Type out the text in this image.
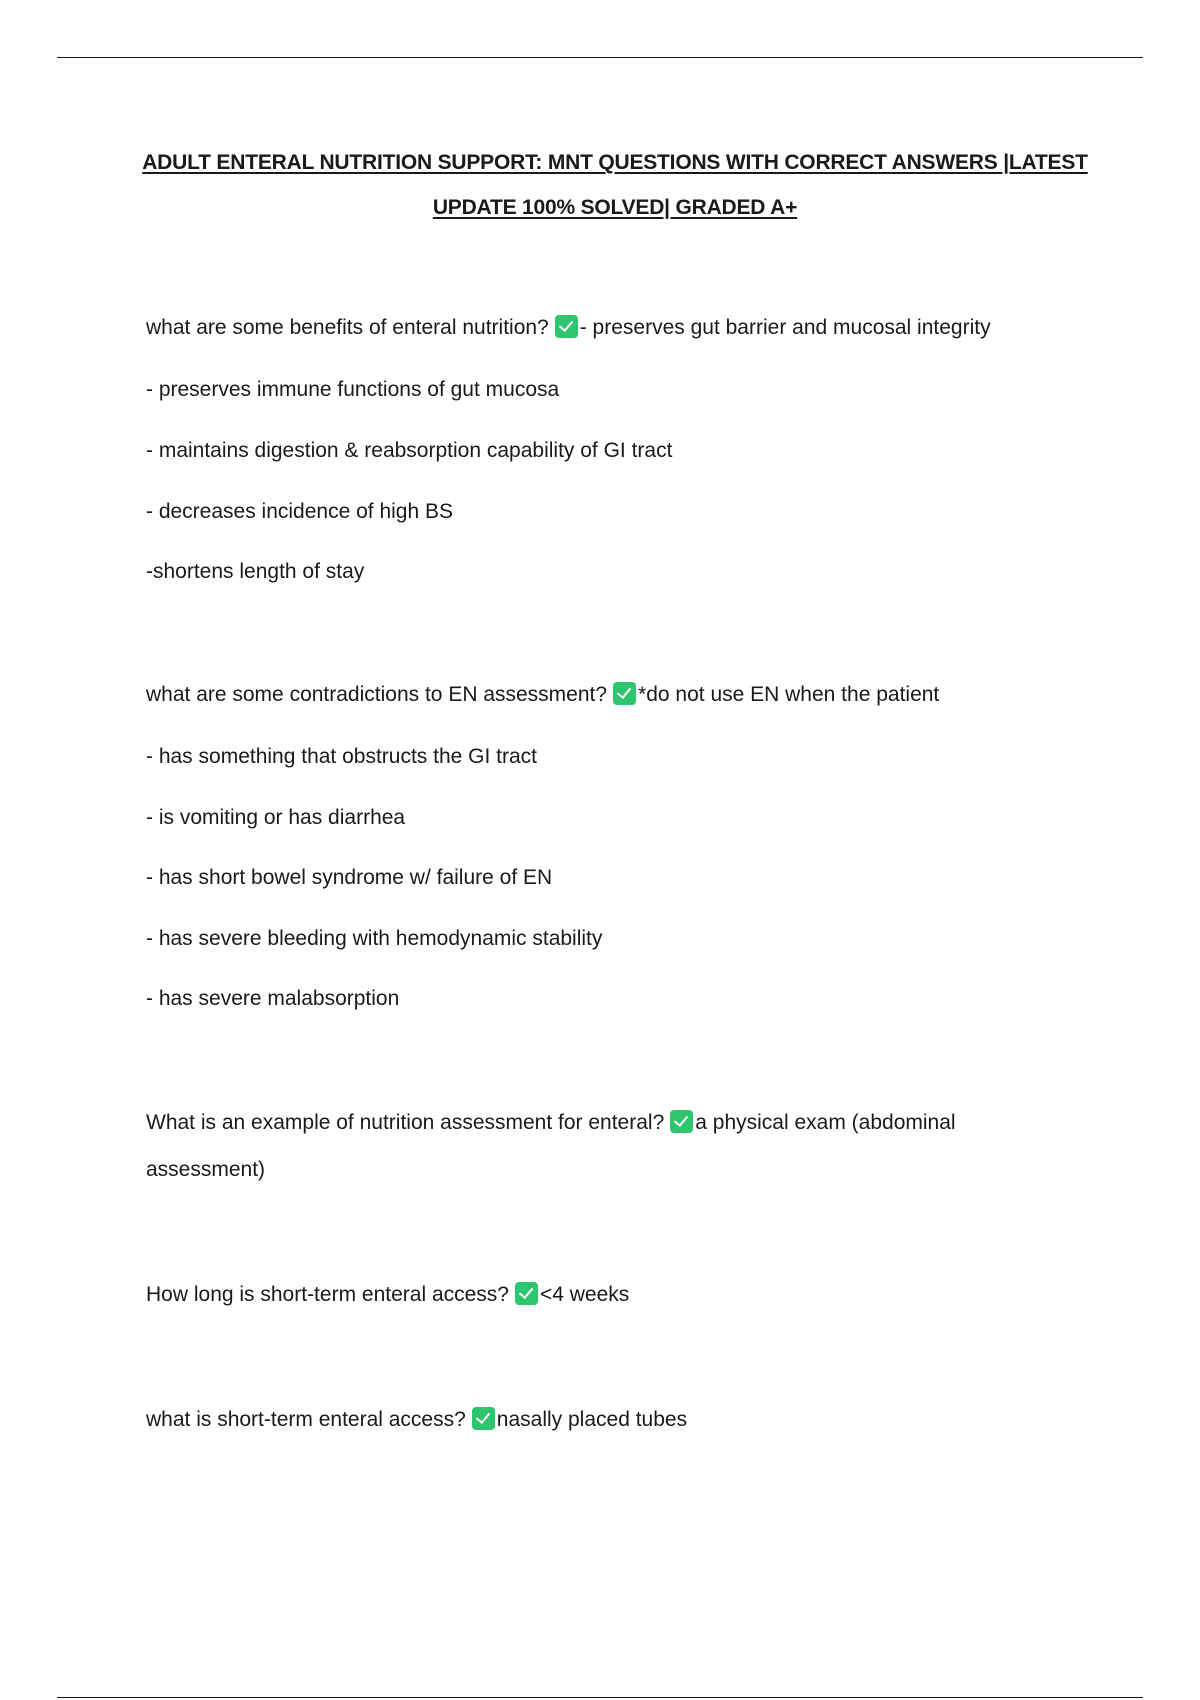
ADULT ENTERAL NUTRITION SUPPORT: MNT QUESTIONS WITH CORRECT ANSWERS |LATEST UPDATE 100% SOLVED| GRADED A+
what are some benefits of enteral nutrition? - preserves gut barrier and mucosal integrity
- preserves immune functions of gut mucosa
- maintains digestion & reabsorption capability of GI tract
- decreases incidence of high BS
-shortens length of stay
what are some contradictions to EN assessment? *do not use EN when the patient
- has something that obstructs the GI tract
- is vomiting or has diarrhea
- has short bowel syndrome w/ failure of EN
- has severe bleeding with hemodynamic stability
- has severe malabsorption
What is an example of nutrition assessment for enteral? a physical exam (abdominal
assessment)
How long is short-term enteral access? <4 weeks
what is short-term enteral access? nasally placed tubes
